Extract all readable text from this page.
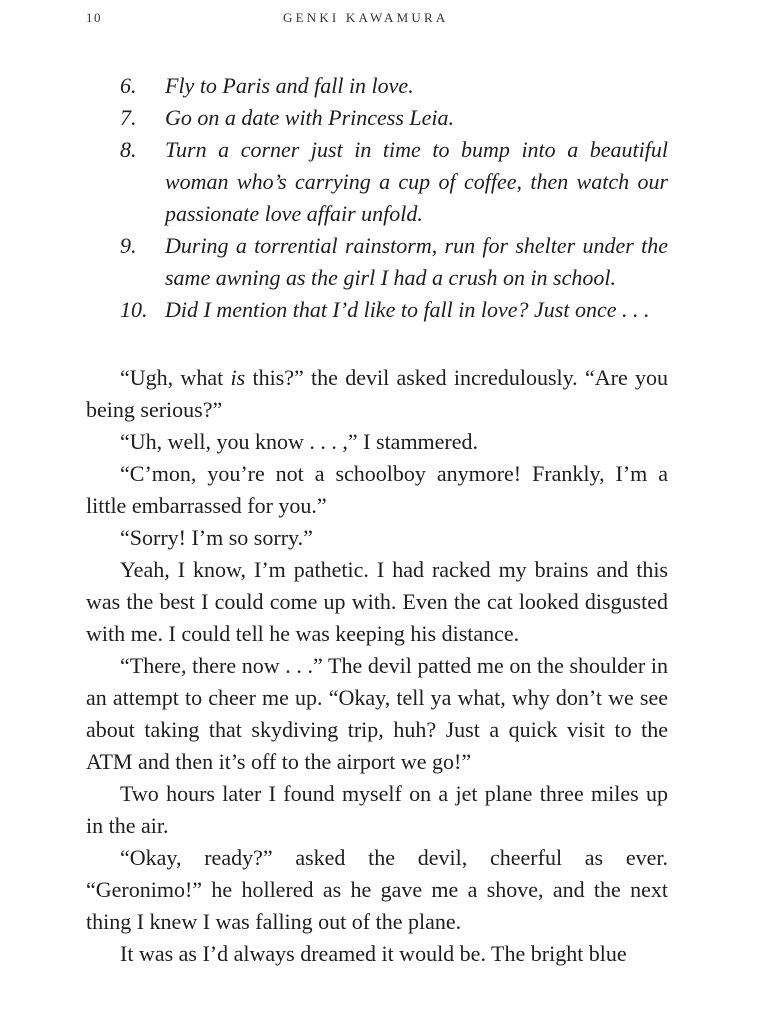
10	GENKI KAWAMURA
6.	Fly to Paris and fall in love.
7.	Go on a date with Princess Leia.
8.	Turn a corner just in time to bump into a beautiful woman who’s carrying a cup of coffee, then watch our passionate love affair unfold.
9.	During a torrential rainstorm, run for shelter under the same awning as the girl I had a crush on in school.
10. Did I mention that I’d like to fall in love? Just once . . .

“Ugh, what is this?” the devil asked incredulously. “Are you being serious?”

“Uh, well, you know . . . ,” I stammered.

“C’mon, you’re not a schoolboy anymore! Frankly, I’m a little embarrassed for you.”

“Sorry! I’m so sorry.”

Yeah, I know, I’m pathetic. I had racked my brains and this was the best I could come up with. Even the cat looked disgusted with me. I could tell he was keeping his distance.

“There, there now . . .” The devil patted me on the shoulder in an attempt to cheer me up. “Okay, tell ya what, why don’t we see about taking that skydiving trip, huh? Just a quick visit to the ATM and then it’s off to the airport we go!”

Two hours later I found myself on a jet plane three miles up in the air.

“Okay, ready?” asked the devil, cheerful as ever. “Geronimo!” he hollered as he gave me a shove, and the next thing I knew I was falling out of the plane.

It was as I’d always dreamed it would be. The bright blue
